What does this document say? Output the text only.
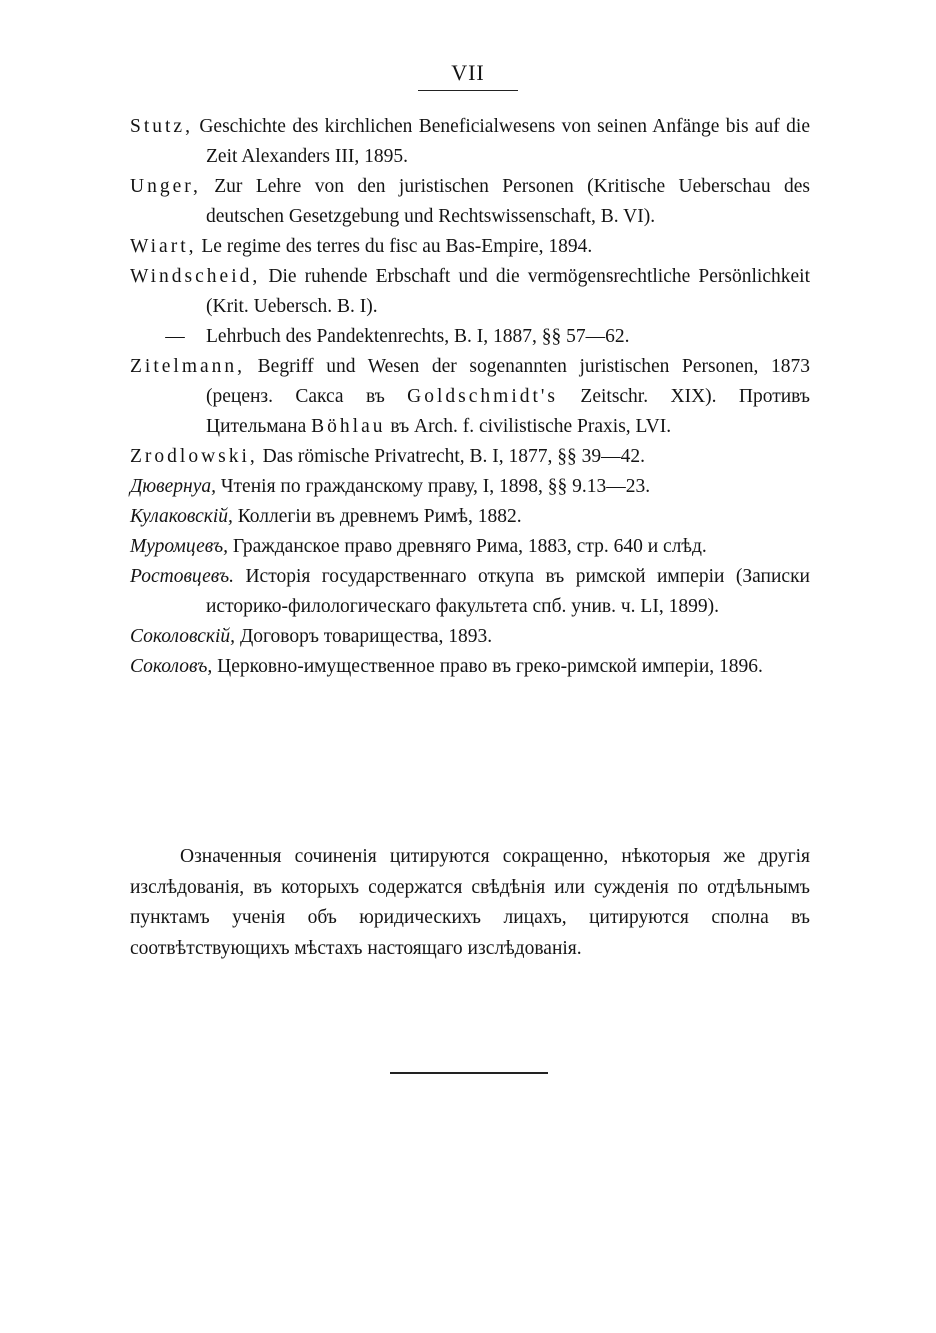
VII

Stutz, Geschichte des kirchlichen Beneficialwesens von seinen Anfänge bis auf die Zeit Alexanders III, 1895.

Unger, Zur Lehre von den juristischen Personen (Kritische Ueberschau des deutschen Gesetzgebung und Rechtswissenschaft, B. VI).

Wiart, Le regime des terres du fisc au Bas-Empire, 1894.

Windscheid, Die ruhende Erbschaft und die vermögensrechtliche Persönlichkeit (Krit. Uebersch. B. I).

— Lehrbuch des Pandektenrechts, B. I, 1887, §§ 57—62.

Zitelmann, Begriff und Wesen der sogenannten juristischen Personen, 1873 (реценз. Сакса въ Goldschmidt's Zeitschr. XIX). Противъ Цительмана Böhlau въ Arch. f. civilistische Praxis, LVI.

Zrodlowski, Das römische Privatrecht, B. I, 1877, §§ 39—42.

Дювернуа, Чтенія по гражданскому праву, I, 1898, §§ 9.13—23.

Кулаковскій, Коллегіи въ древнемъ Римѣ, 1882.

Муромцевъ, Гражданское право древняго Рима, 1883, стр. 640 и слѣд.

Ростовцевъ. Исторія государственнаго откупа въ римской имперіи (Записки историко-филологическаго факультета спб. унив. ч. LI, 1899).

Соколовскій, Договоръ товарищества, 1893.

Соколовъ, Церковно-имущественное право въ греко-римской имперіи, 1896.

Означенныя сочиненія цитируются сокращенно, нѣкоторыя же другія изслѣдованія, въ которыхъ содержатся свѣдѣнія или сужденія по отдѣльнымъ пунктамъ ученія объ юридическихъ лицахъ, цитируются сполна въ соотвѣтствующихъ мѣстахъ настоящаго изслѣдованія.
